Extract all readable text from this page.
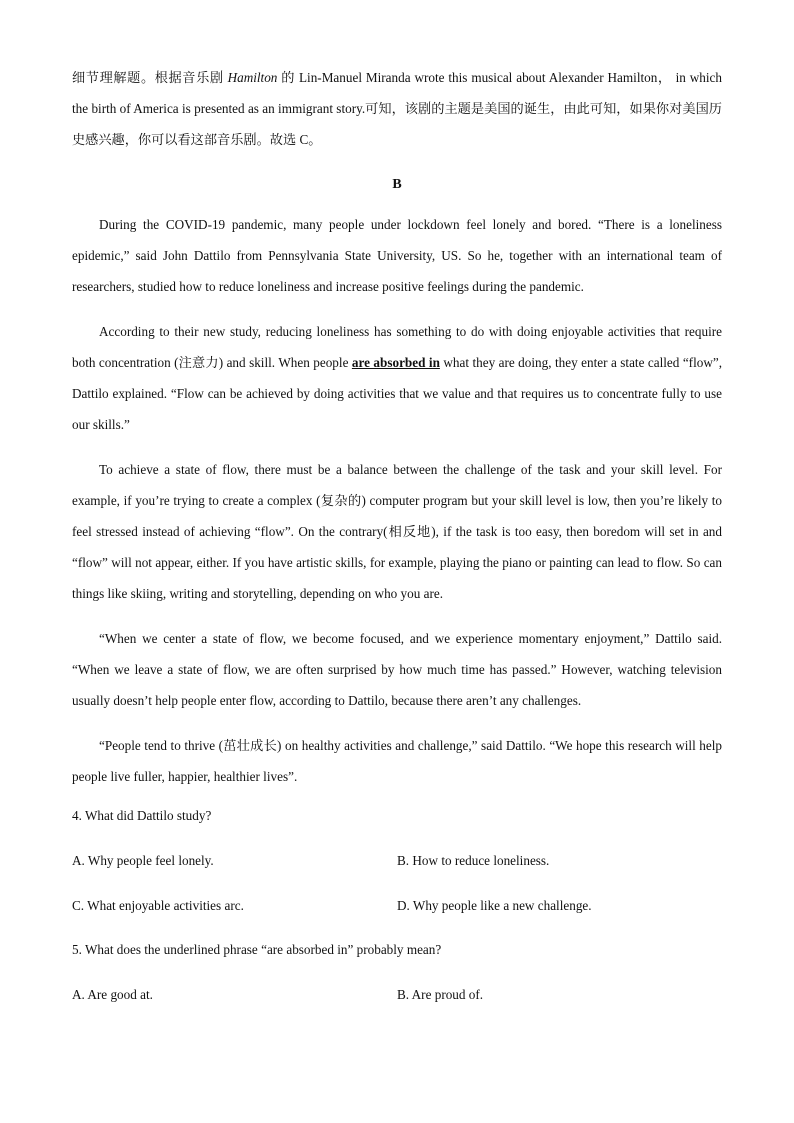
细节理解题。根据音乐剧 Hamilton 的 Lin-Manuel Miranda wrote this musical about Alexander Hamilton， in which the birth of America is presented as an immigrant story.可知，该剧的主题是美国的诞生，由此可知，如果你对美国历史感兴趣，你可以看这部音乐剧。故选 C。

B

During the COVID-19 pandemic, many people under lockdown feel lonely and bored. “There is a loneliness epidemic,” said John Dattilo from Pennsylvania State University, US. So he, together with an international team of researchers, studied how to reduce loneliness and increase positive feelings during the pandemic.

According to their new study, reducing loneliness has something to do with doing enjoyable activities that require both concentration (注意力) and skill. When people are absorbed in what they are doing, they enter a state called “flow”, Dattilo explained. “Flow can be achieved by doing activities that we value and that requires us to concentrate fully to use our skills.”

To achieve a state of flow, there must be a balance between the challenge of the task and your skill level. For example, if you’re trying to create a complex (复杂的) computer program but your skill level is low, then you’re likely to feel stressed instead of achieving “flow”. On the contrary(相反地), if the task is too easy, then boredom will set in and “flow” will not appear, either. If you have artistic skills, for example, playing the piano or painting can lead to flow. So can things like skiing, writing and storytelling, depending on who you are.

“When we center a state of flow, we become focused, and we experience momentary enjoyment,” Dattilo said. “When we leave a state of flow, we are often surprised by how much time has passed.” However, watching television usually doesn’t help people enter flow, according to Dattilo, because there aren’t any challenges.

“People tend to thrive (茁壮成长) on healthy activities and challenge,” said Dattilo. “We hope this research will help people live fuller, happier, healthier lives”.

4. What did Dattilo study?

A. Why people feel lonely.	B. How to reduce loneliness.
C. What enjoyable activities arc.	D. Why people like a new challenge.

5. What does the underlined phrase “are absorbed in” probably mean?

A. Are good at.	B. Are proud of.
